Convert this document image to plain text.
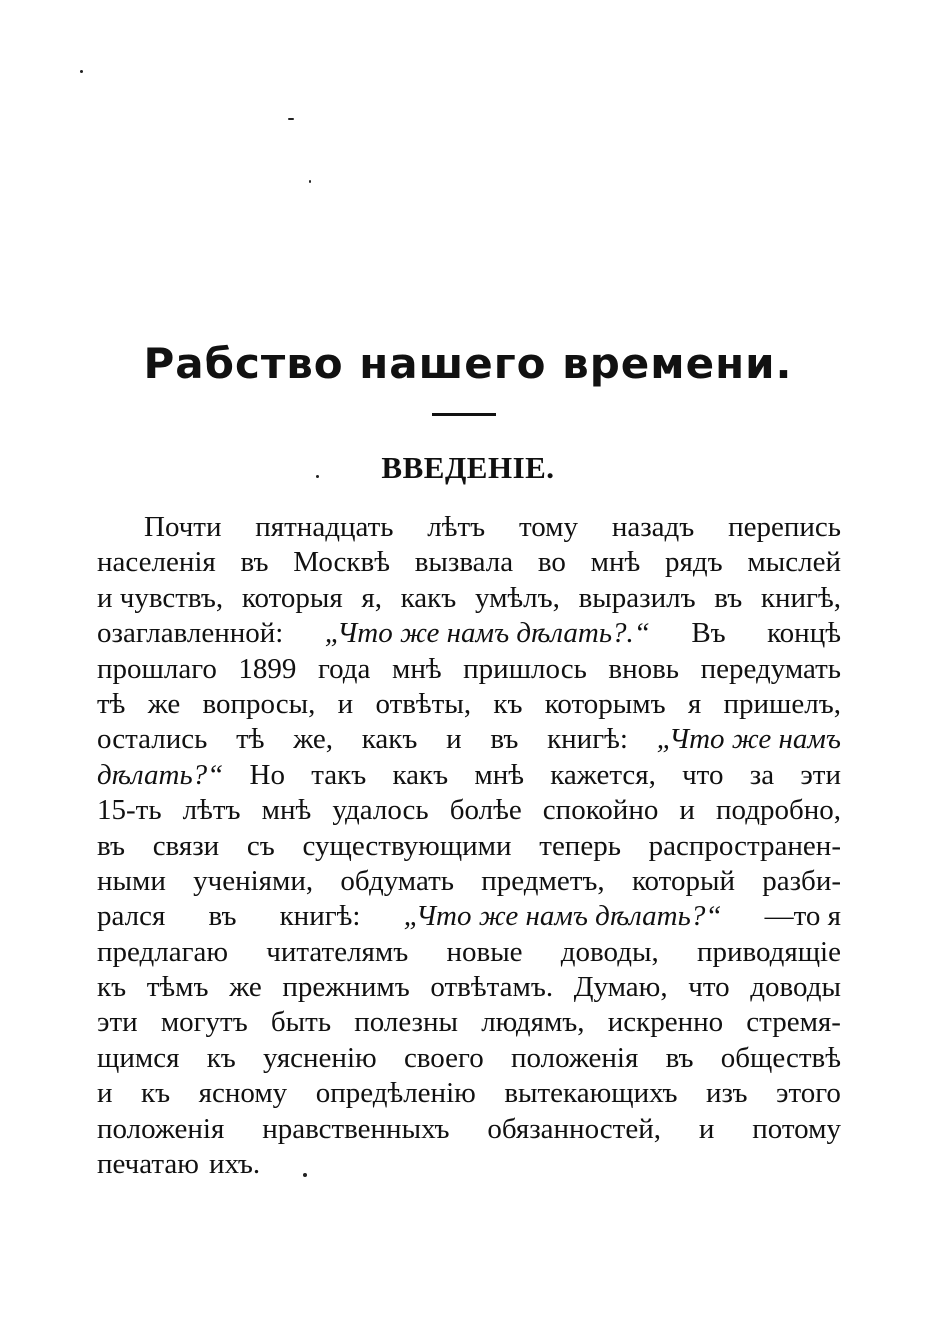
Рабство нашего времени.
ВВЕДЕНІЕ.
Почти пятнадцать лѣтъ тому назадъ перепись
населенія въ Москвѣ вызвала во мнѣ рядъ мыслей
и чувствъ, которыя я, какъ умѣлъ, выразилъ въ книгѣ,
озаглавленной: „Что же намъ дѣлать?.“ Въ концѣ
прошлаго 1899 года мнѣ пришлось вновь передумать
тѣ же вопросы, и отвѣты, къ которымъ я пришелъ,
остались тѣ же, какъ и въ книгѣ: „Что же намъ
дѣлать?“ Но такъ какъ мнѣ кажется, что за эти
15-ть лѣтъ мнѣ удалось болѣе спокойно и подробно,
въ связи съ существующими теперь распространен-
ными ученіями, обдумать предметъ, который разби-
рался въ книгѣ: „Что же намъ дѣлать?“ —то я
предлагаю читателямъ новые доводы, приводящіе
къ тѣмъ же прежнимъ отвѣтамъ. Думаю, что доводы
эти могутъ быть полезны людямъ, искренно стремя-
щимся къ уясненію своего положенія въ обществѣ
и къ ясному опредѣленію вытекающихъ изъ этого
положенія нравственныхъ обязанностей, и потому
печатаю ихъ.
